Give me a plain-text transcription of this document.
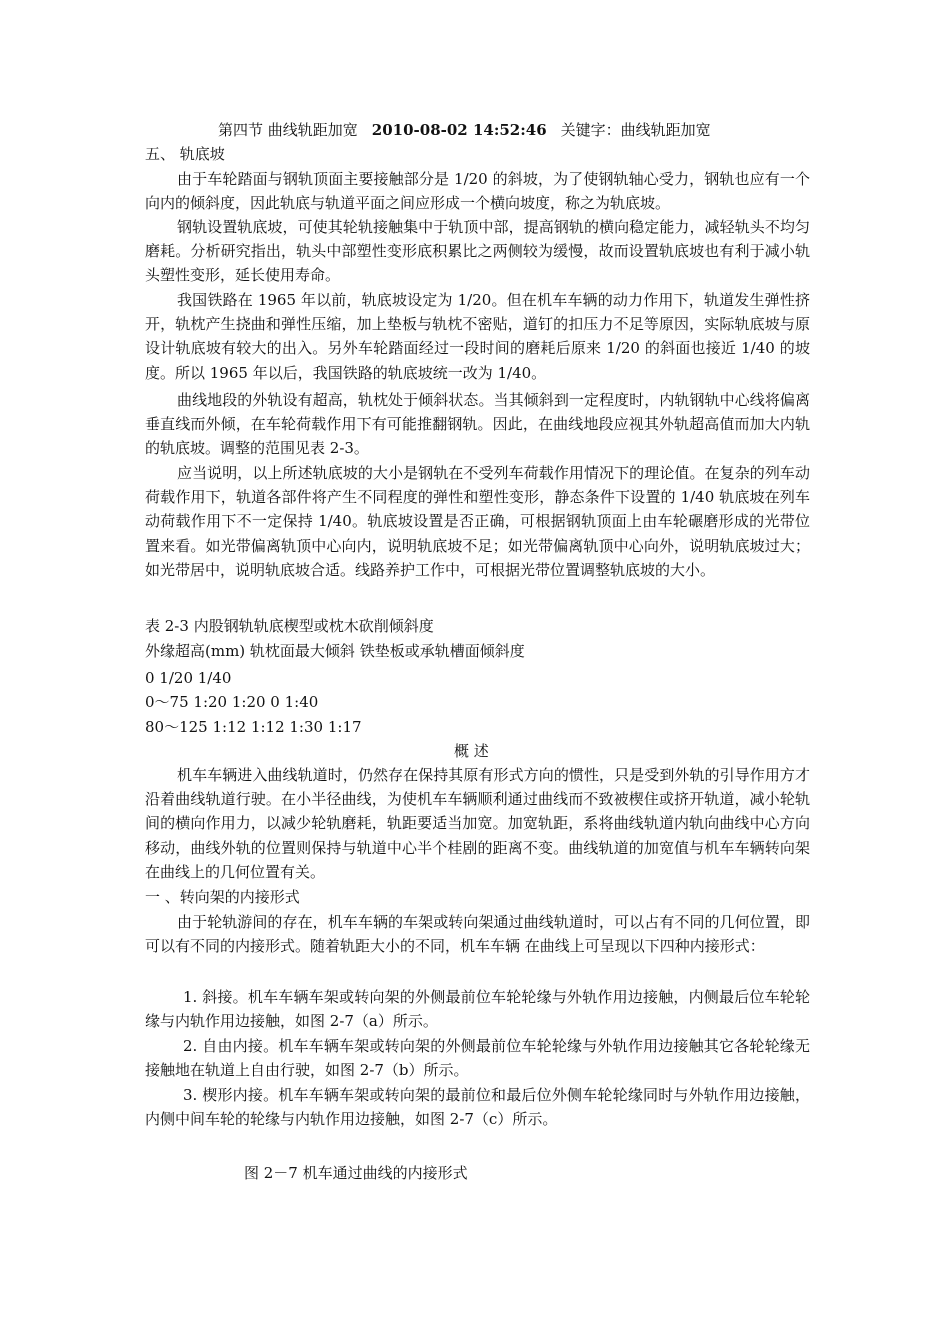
第四节 曲线轨距加宽 2010-08-02 14:52:46 关键字：曲线轨距加宽
五、 轨底坡
由于车轮踏面与钢轨顶面主要接触部分是 1/20 的斜坡，为了使钢轨轴心受力，钢轨也应有一个向内的倾斜度，因此轨底与轨道平面之间应形成一个横向坡度，称之为轨底坡。
钢轨设置轨底坡，可使其轮轨接触集中于轨顶中部，提高钢轨的横向稳定能力，减轻轨头不均匀磨耗。分析研究指出，轨头中部塑性变形底积累比之两侧较为缓慢，故而设置轨底坡也有利于减小轨头塑性变形，延长使用寿命。
我国铁路在 1965 年以前，轨底坡设定为 1/20。但在机车车辆的动力作用下，轨道发生弹性挤开，轨枕产生挠曲和弹性压缩，加上垫板与轨枕不密贴，道钉的扣压力不足等原因，实际轨底坡与原设计轨底坡有较大的出入。另外车轮踏面经过一段时间的磨耗后原来 1/20 的斜面也接近 1/40 的坡度。所以 1965 年以后，我国铁路的轨底坡统一改为 1/40。
曲线地段的外轨设有超高，轨枕处于倾斜状态。当其倾斜到一定程度时，内轨钢轨中心线将偏离垂直线而外倾，在车轮荷载作用下有可能推翻钢轨。因此，在曲线地段应视其外轨超高值而加大内轨的轨底坡。调整的范围见表 2-3。
应当说明，以上所述轨底坡的大小是钢轨在不受列车荷载作用情况下的理论值。在复杂的列车动荷载作用下，轨道各部件将产生不同程度的弹性和塑性变形，静态条件下设置的 1/40 轨底坡在列车动荷载作用下不一定保持 1/40。轨底坡设置是否正确，可根据钢轨顶面上由车轮碾磨形成的光带位置来看。如光带偏离轨顶中心向内，说明轨底坡不足；如光带偏离轨顶中心向外，说明轨底坡过大；如光带居中，说明轨底坡合适。线路养护工作中，可根据光带位置调整轨底坡的大小。
表 2-3 内股钢轨轨底楔型或枕木砍削倾斜度
外缘超高(mm) 轨枕面最大倾斜 铁垫板或承轨槽面倾斜度
0 1/20 1/40
0～75 1:20 1:20 0 1:40
80～125 1:12 1:12 1:30 1:17
概 述
机车车辆进入曲线轨道时，仍然存在保持其原有形式方向的惯性，只是受到外轨的引导作用方才沿着曲线轨道行驶。在小半径曲线，为使机车车辆顺利通过曲线而不致被楔住或挤开轨道，减小轮轨间的横向作用力，以减少轮轨磨耗，轨距要适当加宽。加宽轨距，系将曲线轨道内轨向曲线中心方向移动，曲线外轨的位置则保持与轨道中心半个桂剧的距离不变。曲线轨道的加宽值与机车车辆转向架在曲线上的几何位置有关。
一 、转向架的内接形式
由于轮轨游间的存在，机车车辆的车架或转向架通过曲线轨道时，可以占有不同的几何位置，即可以有不同的内接形式。随着轨距大小的不同，机车车辆 在曲线上可呈现以下四种内接形式：
1. 斜接。机车车辆车架或转向架的外侧最前位车轮轮缘与外轨作用边接触，内侧最后位车轮轮缘与内轨作用边接触，如图 2-7（a）所示。
2. 自由内接。机车车辆车架或转向架的外侧最前位车轮轮缘与外轨作用边接触其它各轮轮缘无接触地在轨道上自由行驶，如图 2-7（b）所示。
3. 楔形内接。机车车辆车架或转向架的最前位和最后位外侧车轮轮缘同时与外轨作用边接触，内侧中间车轮的轮缘与内轨作用边接触，如图 2-7（c）所示。
图 2－7 机车通过曲线的内接形式
